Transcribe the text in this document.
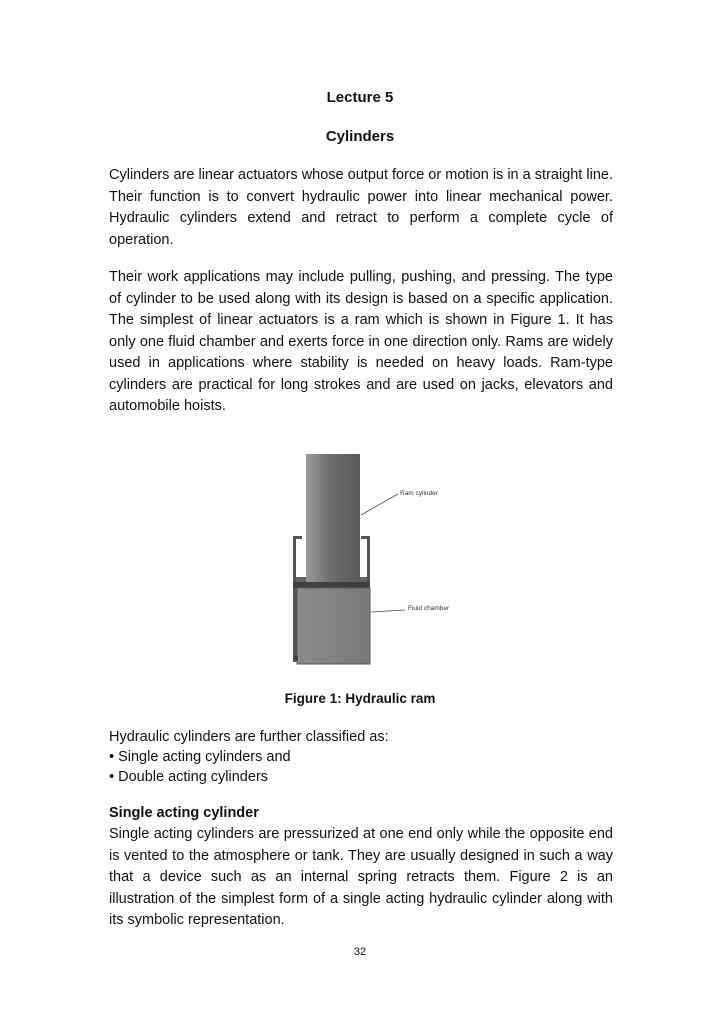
Lecture 5
Cylinders

Cylinders are linear actuators whose output force or motion is in a straight line. Their function is to convert hydraulic power into linear mechanical power. Hydraulic cylinders extend and retract to perform a complete cycle of operation.

Their work applications may include pulling, pushing, and pressing. The type of cylinder to be used along with its design is based on a specific application. The simplest of linear actuators is a ram which is shown in Figure 1. It has only one fluid chamber and exerts force in one direction only. Rams are widely used in applications where stability is needed on heavy loads. Ram-type cylinders are practical for long strokes and are used on jacks, elevators and automobile hoists.

Ram cylinder
Fluid chamber
Figure 1: Hydraulic ram
Hydraulic cylinders are further classified as:
• Single acting cylinders and
• Double acting cylinders
Single acting cylinder

Single acting cylinders are pressurized at one end only while the opposite end is vented to the atmosphere or tank. They are usually designed in such a way that a device such as an internal spring retracts them. Figure 2 is an illustration of the simplest form of a single acting hydraulic cylinder along with its symbolic representation.

32
